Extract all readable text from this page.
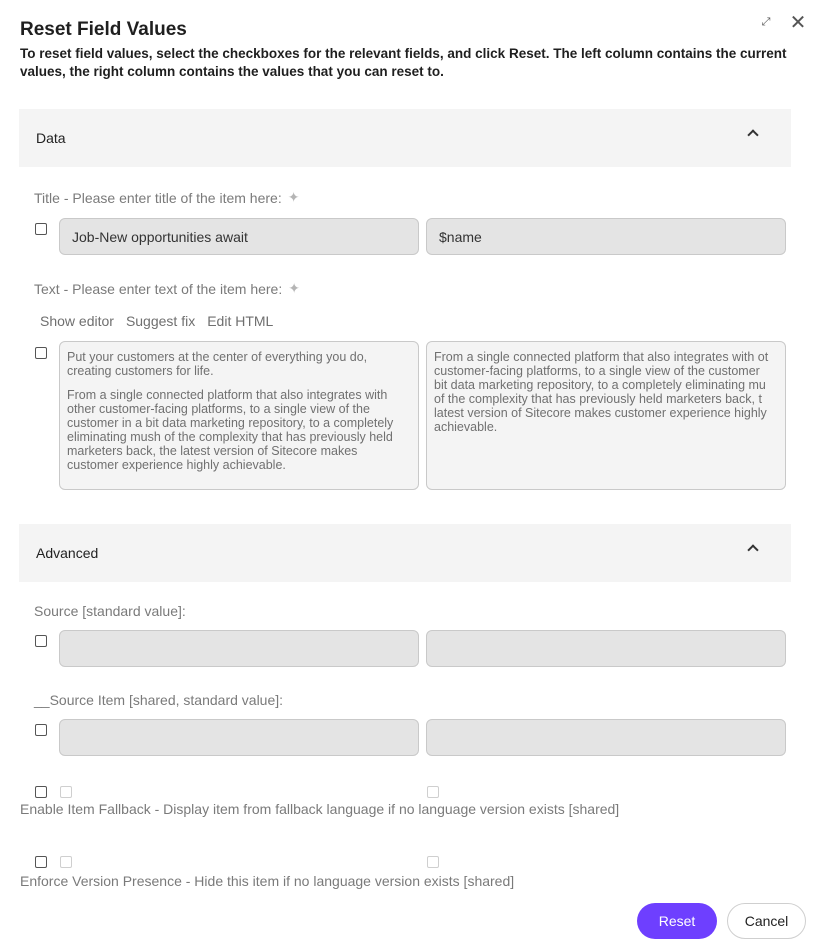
Reset Field Values	⤢ ✕
To reset field values, select the checkboxes for the relevant fields, and click Reset. The left column contains the current values, the right column contains the values that you can reset to.
Data
Title - Please enter title of the item here: ✦
Job-New opportunities await	$name
Text - Please enter text of the item here: ✦
Show editor Suggest fix Edit HTML

Put your customers at the center of everything you do, creating customers for life.

From a single connected platform that also integrates with other customer-facing platforms, to a single view of the customer in a bit data marketing repository, to a completely eliminating mush of the complexity that has previously held marketers back, the latest version of Sitecore makes customer experience highly achievable.

From a single connected platform that also integrates with ot
customer-facing platforms, to a single view of the customer
bit data marketing repository, to a completely eliminating mu
of the complexity that has previously held marketers back, t
latest version of Sitecore makes customer experience highly
achievable.

Advanced
Source [standard value]:
__Source Item [shared, standard value]:
Enable Item Fallback - Display item from fallback language if no language version exists [shared]
Enforce Version Presence - Hide this item if no language version exists [shared]
Reset	Cancel
